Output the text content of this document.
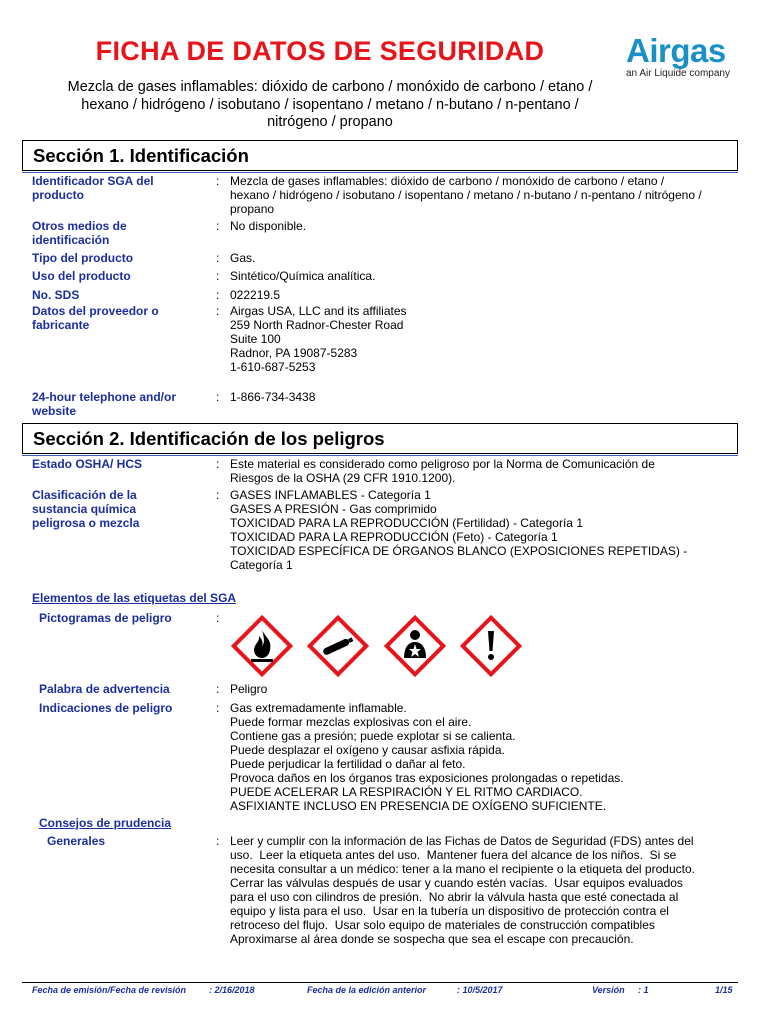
FICHA DE DATOS DE SEGURIDAD
Mezcla de gases inflamables: dióxido de carbono / monóxido de carbono / etano /
hexano / hidrógeno / isobutano / isopentano / metano / n-butano / n-pentano /
nitrógeno / propano
Airgas
an Air Liquide company
Sección 1. Identificación
Identificador SGA del producto
: Mezcla de gases inflamables: dióxido de carbono / monóxido de carbono / etano /
hexano / hidrógeno / isobutano / isopentano / metano / n-butano / n-pentano / nitrógeno /
propano
Otros medios de identificación
: No disponible.
Tipo del producto	: Gas.
Uso del producto	: Sintético/Química analítica.
No. SDS	: 022219.5
Datos del proveedor o fabricante
: Airgas USA, LLC and its affiliates
259 North Radnor-Chester Road
Suite 100
Radnor, PA 19087-5283
1-610-687-5253
24-hour telephone and/or website
: 1-866-734-3438
Sección 2. Identificación de los peligros
Estado OSHA/ HCS	: Este material es considerado como peligroso por la Norma de Comunicación de
Riesgos de la OSHA (29 CFR 1910.1200).
Clasificación de la sustancia química peligrosa o mezcla
: GASES INFLAMABLES - Categoría 1
GASES A PRESIÓN - Gas comprimido
TOXICIDAD PARA LA REPRODUCCIÓN (Fertilidad) - Categoría 1
TOXICIDAD PARA LA REPRODUCCIÓN (Feto) - Categoría 1
TOXICIDAD ESPECÍFICA DE ÓRGANOS BLANCO (EXPOSICIONES REPETIDAS) -
Categoría 1
Elementos de las etiquetas del SGA
Pictogramas de peligro	:

Palabra de advertencia	: Peligro
Indicaciones de peligro	: Gas extremadamente inflamable.
Puede formar mezclas explosivas con el aire.
Contiene gas a presión; puede explotar si se calienta.
Puede desplazar el oxígeno y causar asfixia rápida.
Puede perjudicar la fertilidad o dañar al feto.
Provoca daños en los órganos tras exposiciones prolongadas o repetidas.
PUEDE ACELERAR LA RESPIRACIÓN Y EL RITMO CARDIACO.
ASFIXIANTE INCLUSO EN PRESENCIA DE OXÍGENO SUFICIENTE.
Consejos de prudencia
Generales	: Leer y cumplir con la información de las Fichas de Datos de Seguridad (FDS) antes del
uso.  Leer la etiqueta antes del uso.  Mantener fuera del alcance de los niños.  Si se
necesita consultar a un médico: tener a la mano el recipiente o la etiqueta del producto.
Cerrar las válvulas después de usar y cuando estén vacías.  Usar equipos evaluados
para el uso con cilindros de presión.  No abrir la válvula hasta que esté conectada al
equipo y lista para el uso.  Usar en la tubería un dispositivo de protección contra el
retroceso del flujo.  Usar solo equipo de materiales de construcción compatibles
Aproximarse al área donde se sospecha que sea el escape con precaución.
Fecha de emisión/Fecha de revisión	: 2/16/2018	Fecha de la edición anterior	: 10/5/2017	Versión : 1	1/15
